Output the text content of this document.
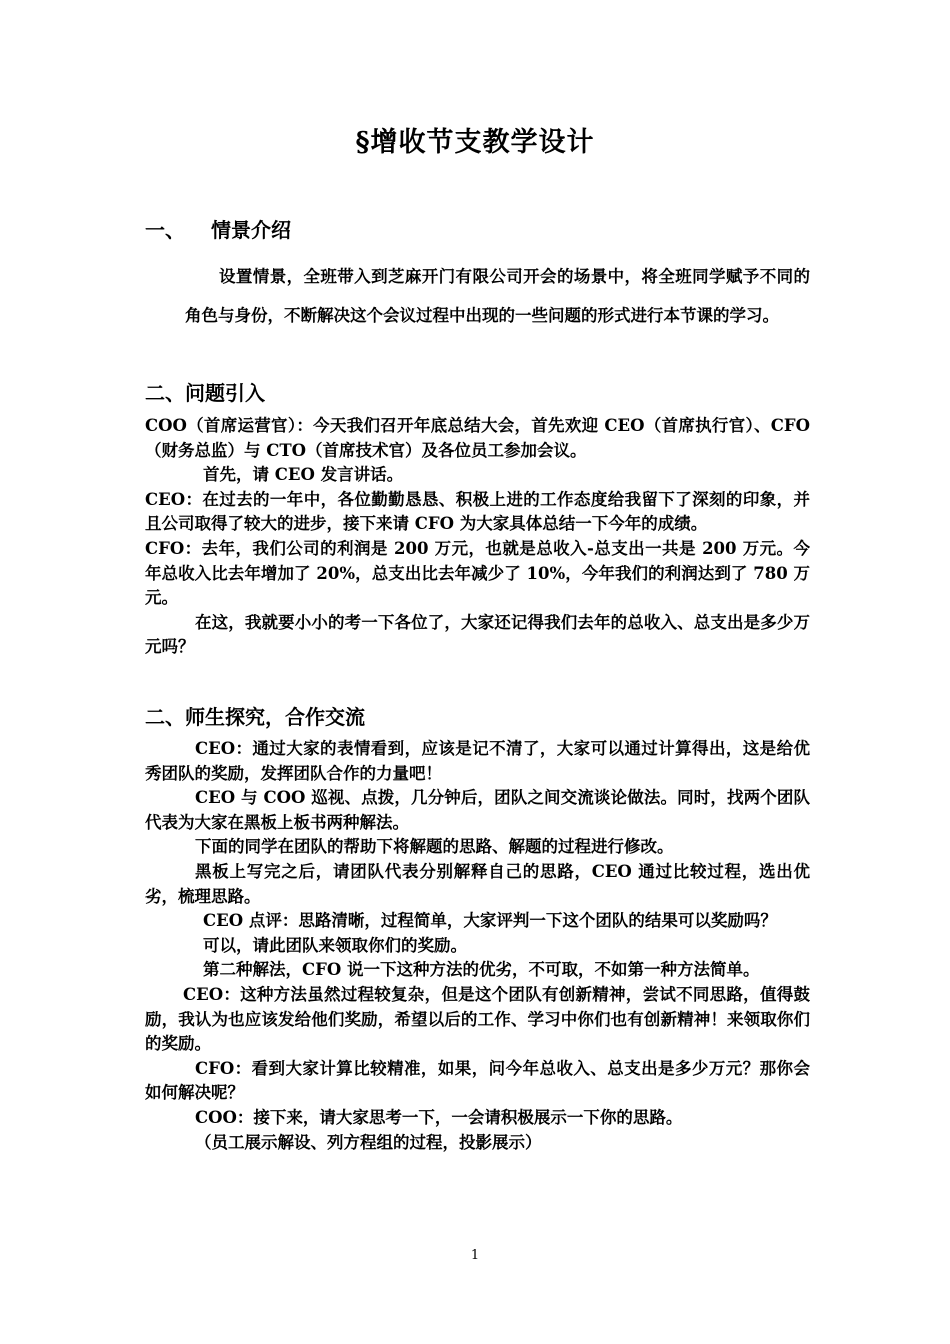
§增收节支教学设计
一、 情景介绍

设置情景，全班带入到芝麻开门有限公司开会的场景中，将全班同学赋予不同的角色与身份，不断解决这个会议过程中出现的一些问题的形式进行本节课的学习。

二、问题引入

COO（首席运营官）：今天我们召开年底总结大会，首先欢迎 CEO（首席执行官）、CFO（财务总监）与 CTO（首席技术官）及各位员工参加会议。

首先，请 CEO 发言讲话。

CEO：在过去的一年中，各位勤勤恳恳、积极上进的工作态度给我留下了深刻的印象，并且公司取得了较大的进步，接下来请 CFO 为大家具体总结一下今年的成绩。

CFO：去年，我们公司的利润是 200 万元，也就是总收入-总支出一共是 200 万元。今年总收入比去年增加了 20%，总支出比去年减少了 10%，今年我们的利润达到了 780 万元。

在这，我就要小小的考一下各位了，大家还记得我们去年的总收入、总支出是多少万元吗？

二、师生探究，合作交流

CEO：通过大家的表情看到，应该是记不清了，大家可以通过计算得出，这是给优秀团队的奖励，发挥团队合作的力量吧！

CEO 与 COO 巡视、点拨，几分钟后，团队之间交流谈论做法。同时，找两个团队代表为大家在黑板上板书两种解法。

下面的同学在团队的帮助下将解题的思路、解题的过程进行修改。

黑板上写完之后，请团队代表分别解释自己的思路，CEO 通过比较过程，选出优劣，梳理思路。

CEO 点评：思路清晰，过程简单，大家评判一下这个团队的结果可以奖励吗？

可以，请此团队来领取你们的奖励。

第二种解法，CFO 说一下这种方法的优劣，不可取，不如第一种方法简单。

CEO：这种方法虽然过程较复杂，但是这个团队有创新精神，尝试不同思路，值得鼓励，我认为也应该发给他们奖励，希望以后的工作、学习中你们也有创新精神！来领取你们的奖励。

CFO：看到大家计算比较精准，如果，问今年总收入、总支出是多少万元？那你会如何解决呢？

COO：接下来，请大家思考一下，一会请积极展示一下你的思路。

（员工展示解设、列方程组的过程，投影展示）

1
